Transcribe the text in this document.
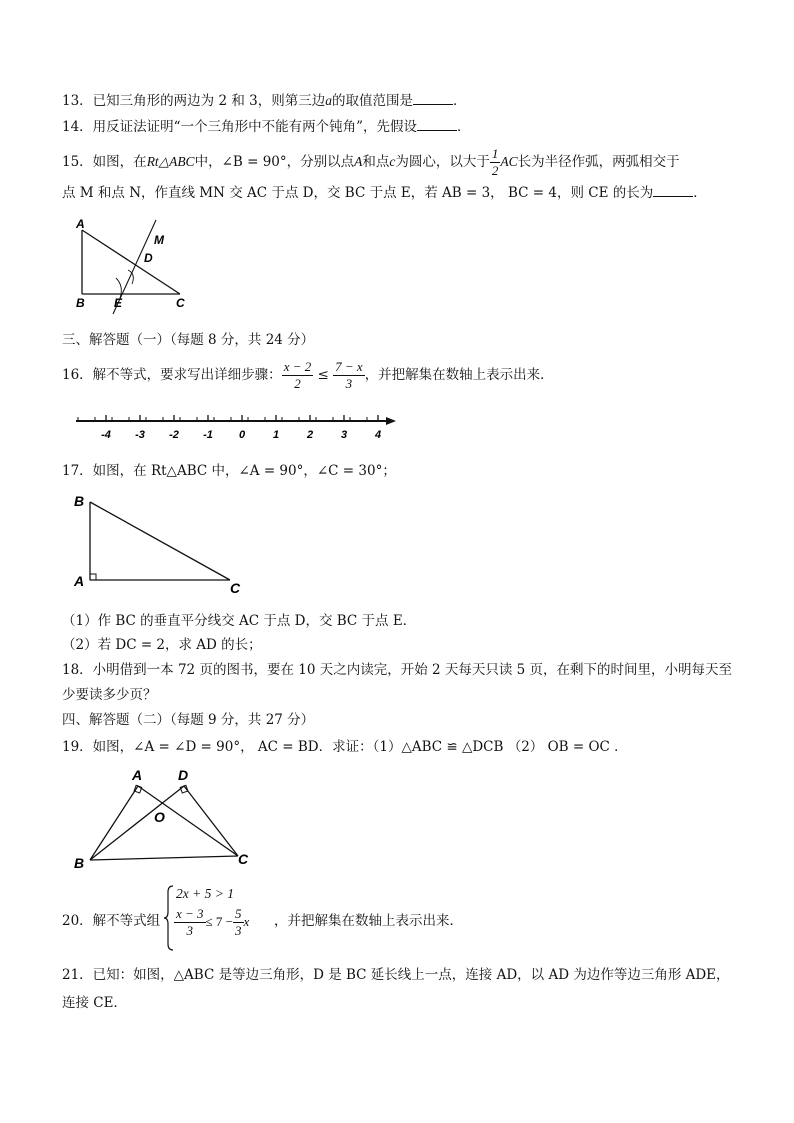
13．已知三角形的两边为 2 和 3，则第三边a的取值范围是	．
14．用反证法证明“一个三角形中不能有两个钝角”，先假设	．
15．如图，在Rt△ABC中，∠B = 90°，分别以点A和点c为圆心，以大于 $\frac{1}{2}$ AC长为半径作弧，两弧相交于
点 M 和点 N，作直线 MN 交 AC 于点 D，交 BC 于点 E，若 AB = 3， BC = 4，则 CE 的长为	．
A
B	C
D
E
M
三、解答题（一）（每题 8 分，共 24 分）
16．解不等式，要求写出详细步骤： $\frac{x - 2}{2} \le \frac{7 - x}{3}$ ，并把解集在数轴上表示出来．
-4 -3 -2 -1 0	1	2	3	4
17．如图，在 Rt△ABC 中，∠A = 90°，∠C = 30°；
B
A	C
（1）作 BC 的垂直平分线交 AC 于点 D，交 BC 于点 E．
（2）若 DC = 2，求 AD 的长；
18．小明借到一本 72 页的图书，要在 10 天之内读完，开始 2 天每天只读 5 页，在剩下的时间里，小明每天至
少要读多少页？
四、解答题（二）（每题 9 分，共 27 分）
19．如图，∠A = ∠D = 90°， AC = BD．求证：（1）△ABC ≌ △DCB （2） OB = OC ．
A	D
O
B	C
20．解不等式组
2x + 5 > 1
$\frac{x - 3}{3} \le 7 - \frac{5}{3}$ x ，并把解集在数轴上表示出来．
21．已知：如图，△ABC 是等边三角形，D 是 BC 延长线上一点，连接 AD，以 AD 为边作等边三角形 ADE，
连接 CE．
